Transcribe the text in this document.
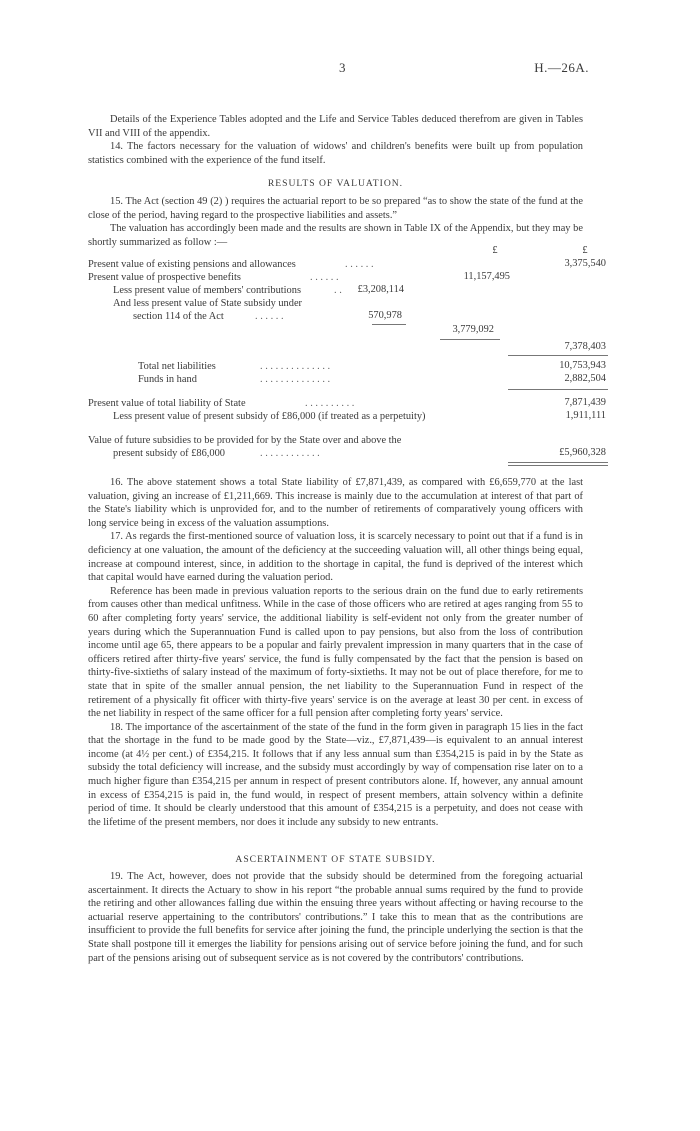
3	H.—26A.

Details of the Experience Tables adopted and the Life and Service Tables deduced therefrom are given in Tables VII and VIII of the appendix.

14. The factors necessary for the valuation of widows' and children's benefits were built up from population statistics combined with the experience of the fund itself.

RESULTS OF VALUATION.

15. The Act (section 49 (2) ) requires the actuarial report to be so prepared “as to show the state of the fund at the close of the period, having regard to the prospective liabilities and assets.”

The valuation has accordingly been made and the results are shown in Table IX of the Appendix, but they may be shortly summarized as follow :—

£	£
Present value of existing pensions and allowances	. . . . . .	3,375,540
Present value of prospective benefits	. . . . . .	11,157,495
Less present value of members' contributions	. .	£3,208,114
And less present value of State subsidy under
section 114 of the Act	. . . . . .	570,978
3,779,092
7,378,403
Total net liabilities	. . . . . . . . . . . . . .	10,753,943
Funds in hand	. . . . . . . . . . . . . .	2,882,504
Present value of total liability of State	. . . . . . . . . .	7,871,439
Less present value of present subsidy of £86,000 (if treated as a perpetuity)	1,911,111
Value of future subsidies to be provided for by the State over and above the
present subsidy of £86,000	. . . . . . . . . . . .	£5,960,328

16. The above statement shows a total State liability of £7,871,439, as compared with £6,659,770 at the last valuation, giving an increase of £1,211,669. This increase is mainly due to the accumulation at interest of that part of the State's liability which is unprovided for, and to the number of retirements of comparatively young officers with long service being in excess of the valuation assumptions.

17. As regards the first-mentioned source of valuation loss, it is scarcely necessary to point out that if a fund is in deficiency at one valuation, the amount of the deficiency at the succeeding valuation will, all other things being equal, increase at compound interest, since, in addition to the shortage in capital, the fund is deprived of the interest which that capital would have earned during the valuation period.

Reference has been made in previous valuation reports to the serious drain on the fund due to early retirements from causes other than medical unfitness. While in the case of those officers who are retired at ages ranging from 55 to 60 after completing forty years' service, the additional liability is self-evident not only from the greater number of years during which the Superannuation Fund is called upon to pay pensions, but also from the loss of contribution income until age 65, there appears to be a popular and fairly prevalent impression in many quarters that in the case of officers retired after thirty-five years' service, the fund is fully compensated by the fact that the pension is based on thirty-five-sixtieths of salary instead of the maximum of forty-sixtieths. It may not be out of place therefore, for me to state that in spite of the smaller annual pension, the net liability to the Superannuation Fund in respect of the retirement of a physically fit officer with thirty-five years' service is on the average at least 30 per cent. in excess of the net liability in respect of the same officer for a full pension after completing forty years' service.

18. The importance of the ascertainment of the state of the fund in the form given in paragraph 15 lies in the fact that the shortage in the fund to be made good by the State—viz., £7,871,439—is equivalent to an annual interest income (at 4½ per cent.) of £354,215. It follows that if any less annual sum than £354,215 is paid in by the State as subsidy the total deficiency will increase, and the subsidy must accordingly by way of compensation rise later on to a much higher figure than £354,215 per annum in respect of present contributors alone. If, however, any annual amount in excess of £354,215 is paid in, the fund would, in respect of present members, attain solvency within a definite period of time. It should be clearly understood that this amount of £354,215 is a perpetuity, and does not cease with the lifetime of the present members, nor does it include any subsidy to new entrants.

ASCERTAINMENT OF STATE SUBSIDY.

19. The Act, however, does not provide that the subsidy should be determined from the foregoing actuarial ascertainment. It directs the Actuary to show in his report “the probable annual sums required by the fund to provide the retiring and other allowances falling due within the ensuing three years without affecting or having recourse to the actuarial reserve appertaining to the contributors' contributions.” I take this to mean that as the contributions are insufficient to provide the full benefits for service after joining the fund, the principle underlying the section is that the State shall postpone till it emerges the liability for pensions arising out of service before joining the fund, and for such part of the pensions arising out of subsequent service as is not covered by the contributors' contributions.
